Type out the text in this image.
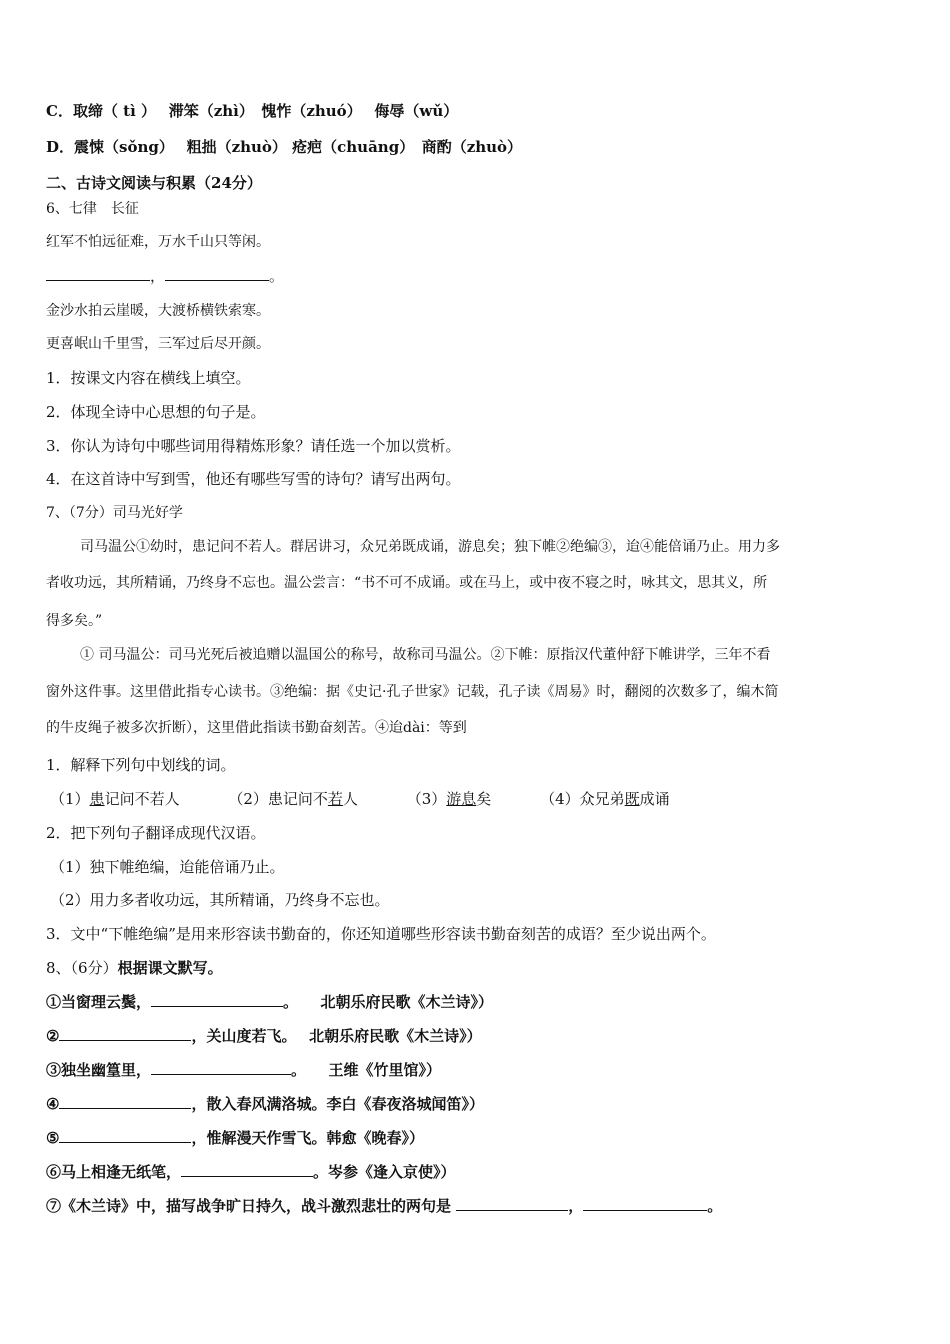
C．取缔（ tì ）　 滞笨（zhì）　愧怍（zhuó）　 侮辱（wǔ）
D．震悚（sǒng）　 粗拙（zhuò） 疮疤（chuāng）　商酌（zhuò）
二、古诗文阅读与积累（24分）
6、七律　长征
红军不怕远征难，万水千山只等闲。
，	。
金沙水拍云崖暖，大渡桥横铁索寒。
更喜岷山千里雪，三军过后尽开颜。
1．按课文内容在横线上填空。
2．体现全诗中心思想的句子是。
3．你认为诗句中哪些词用得精炼形象？请任选一个加以赏析。
4．在这首诗中写到雪，他还有哪些写雪的诗句？请写出两句。
7、（7分）司马光好学
司马温公①幼时，患记问不若人。群居讲习，众兄弟既成诵，游息矣；独下帷②绝编③，迨④能倍诵乃止。用力多
者收功远，其所精诵，乃终身不忘也。温公尝言：“书不可不成诵。或在马上，或中夜不寝之时，咏其文，思其义，所
得多矣。”
① 司马温公：司马光死后被追赠以温国公的称号，故称司马温公。②下帷：原指汉代董仲舒下帷讲学，三年不看
窗外这件事。这里借此指专心读书。③绝编：据《史记·孔子世家》记载，孔子读《周易》时，翻阅的次数多了，编木简
的牛皮绳子被多次折断），这里借此指读书勤奋刻苦。④迨dài：等到
1．解释下列句中划线的词。
（1）患记问不若人	（2）患记问不若人	（3）游息矣	（4）众兄弟既成诵
2．把下列句子翻译成现代汉语。
（1）独下帷绝编，迨能倍诵乃止。
（2）用力多者收功远，其所精诵，乃终身不忘也。
3．文中“下帷绝编”是用来形容读书勤奋的，你还知道哪些形容读书勤奋刻苦的成语？至少说出两个。
8、（6分）根据课文默写。
①当窗理云鬓，	。　　北朝乐府民歌《木兰诗》）
②	，关山度若飞。　 北朝乐府民歌《木兰诗》）
③独坐幽篁里，	。　　王维《竹里馆》）
④	，散入春风满洛城。李白《春夜洛城闻笛》）
⑤	，惟解漫天作雪飞。韩愈《晚春》）
⑥马上相逢无纸笔，	。岑参《逢入京使》）
⑦《木兰诗》中，描写战争旷日持久，战斗激烈悲壮的两句是	，	。
